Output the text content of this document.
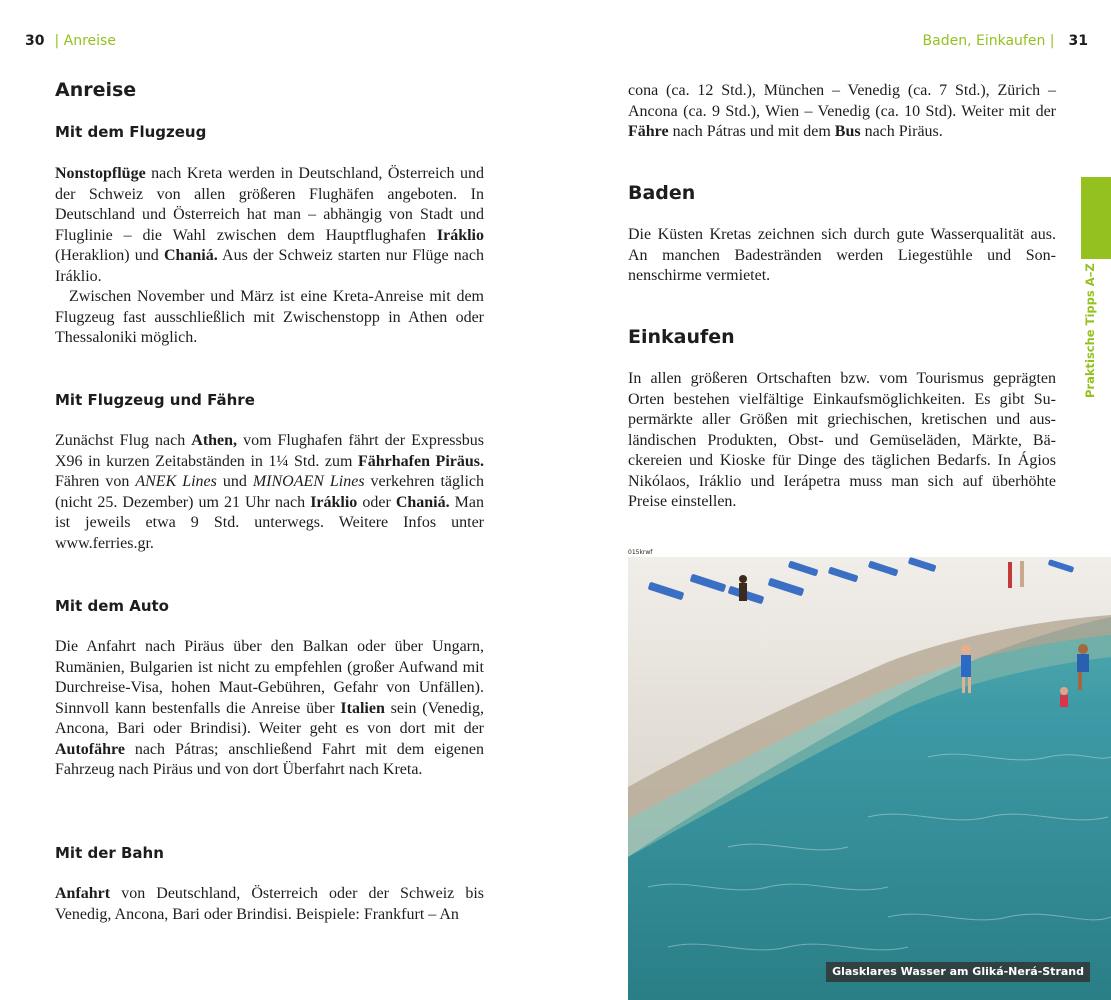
30 | Anreise	Baden, Einkaufen | 31
Anreise
Mit dem Flugzeug

Nonstopflüge nach Kreta werden in Deutschland, Österreich und der Schweiz von allen größeren Flughäfen angeboten. In Deutschland und Österreich hat man – abhängig von Stadt und Fluglinie – die Wahl zwischen dem Hauptflughafen Iráklio (Heraklion) und Chaniá. Aus der Schweiz starten nur Flüge nach Iráklio.
Zwischen November und März ist eine Kreta-Anreise mit dem Flugzeug fast ausschließlich mit Zwischenstopp in Athen oder Thessaloniki möglich.

Mit Flugzeug und Fähre

Zunächst Flug nach Athen, vom Flughafen fährt der Expressbus X96 in kurzen Zeitabständen in 1¼ Std. zum Fährhafen Piräus. Fähren von ANEK Lines und MINOAEN Lines verkehren täglich (nicht 25. Dezember) um 21 Uhr nach Iráklio oder Chaniá. Man ist jeweils etwa 9 Std. unterwegs. Weitere Infos unter www.ferries.gr.

Mit dem Auto

Die Anfahrt nach Piräus über den Balkan oder über Ungarn, Rumänien, Bulgarien ist nicht zu empfehlen (großer Aufwand mit Durchreise-Visa, hohen Maut-Gebühren, Gefahr von Unfällen). Sinnvoll kann bestenfalls die Anreise über Italien sein (Venedig, Ancona, Bari oder Brindisi). Weiter geht es von dort mit der Autofähre nach Pátras; anschließend Fahrt mit dem eigenen Fahrzeug nach Piräus und von dort Überfahrt nach Kreta.

Mit der Bahn

Anfahrt von Deutschland, Österreich oder der Schweiz bis Venedig, Ancona, Bari oder Brindisi. Beispiele: Frankfurt – An

cona (ca. 12 Std.), München – Venedig (ca. 7 Std.), Zürich – Ancona (ca. 9 Std.), Wien – Venedig (ca. 10 Std). Weiter mit der Fähre nach Pátras und mit dem Bus nach Piräus.

Baden

Die Küsten Kretas zeichnen sich durch gute Wasserqualität aus. An manchen Badestränden werden Liegestühle und Sonnenschirme vermietet.

Einkaufen

In allen größeren Ortschaften bzw. vom Tourismus geprägten Orten bestehen vielfältige Einkaufsmöglichkeiten. Es gibt Supermärkte aller Größen mit griechischen, kretischen und ausländischen Produkten, Obst- und Gemüseläden, Märkte, Bäckereien und Kioske für Dinge des täglichen Bedarfs. In Ágios Nikólaos, Iráklio und Ierápetra muss man sich auf überhöhte Preise einstellen.

015krwf
Glasklares Wasser am Gliká-Nerá-Strand
Praktische Tipps A–Z
